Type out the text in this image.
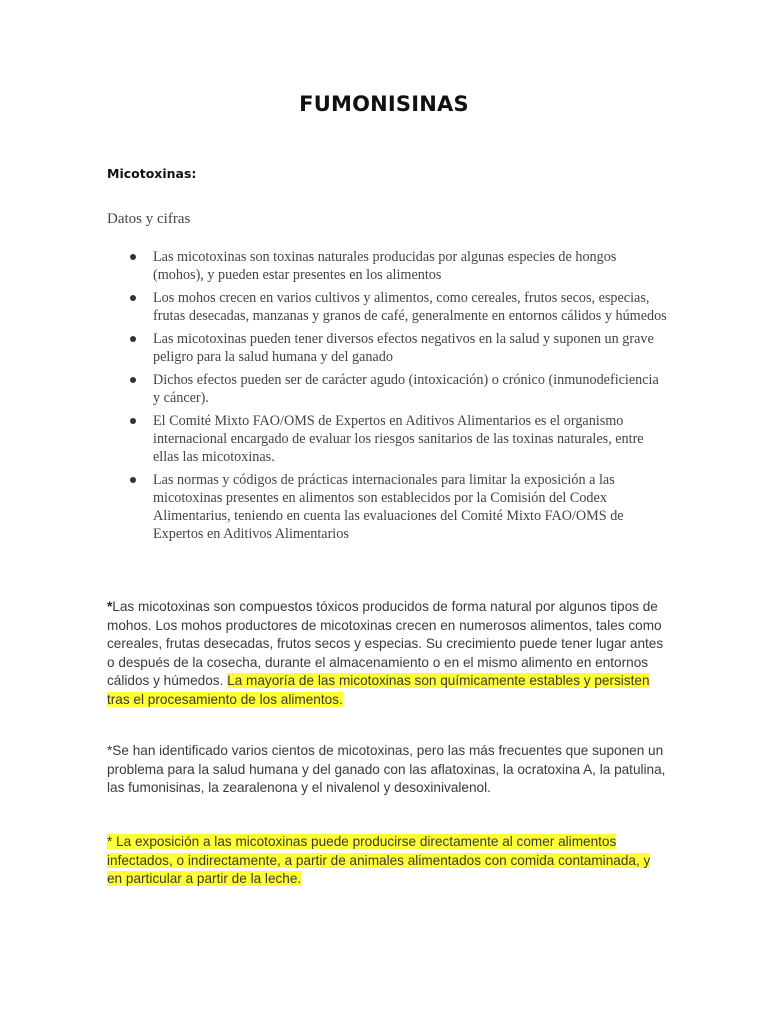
FUMONISINAS
Micotoxinas:
Datos y cifras
Las micotoxinas son toxinas naturales producidas por algunas especies de hongos (mohos), y pueden estar presentes en los alimentos
Los mohos crecen en varios cultivos y alimentos, como cereales, frutos secos, especias, frutas desecadas, manzanas y granos de café, generalmente en entornos cálidos y húmedos
Las micotoxinas pueden tener diversos efectos negativos en la salud y suponen un grave peligro para la salud humana y del ganado
Dichos efectos pueden ser de carácter agudo (intoxicación) o crónico (inmunodeficiencia y cáncer).
El Comité Mixto FAO/OMS de Expertos en Aditivos Alimentarios es el organismo internacional encargado de evaluar los riesgos sanitarios de las toxinas naturales, entre ellas las micotoxinas.
Las normas y códigos de prácticas internacionales para limitar la exposición a las micotoxinas presentes en alimentos son establecidos por la Comisión del Codex Alimentarius, teniendo en cuenta las evaluaciones del Comité Mixto FAO/OMS de Expertos en Aditivos Alimentarios

*Las micotoxinas son compuestos tóxicos producidos de forma natural por algunos tipos de mohos. Los mohos productores de micotoxinas crecen en numerosos alimentos, tales como cereales, frutas desecadas, frutos secos y especias. Su crecimiento puede tener lugar antes o después de la cosecha, durante el almacenamiento o en el mismo alimento en entornos cálidos y húmedos. La mayoría de las micotoxinas son químicamente estables y persisten tras el procesamiento de los alimentos.

*Se han identificado varios cientos de micotoxinas, pero las más frecuentes que suponen un problema para la salud humana y del ganado con las aflatoxinas, la ocratoxina A, la patulina, las fumonisinas, la zearalenona y el nivalenol y desoxinivalenol.

* La exposición a las micotoxinas puede producirse directamente al comer alimentos infectados, o indirectamente, a partir de animales alimentados con comida contaminada, y en particular a partir de la leche.
